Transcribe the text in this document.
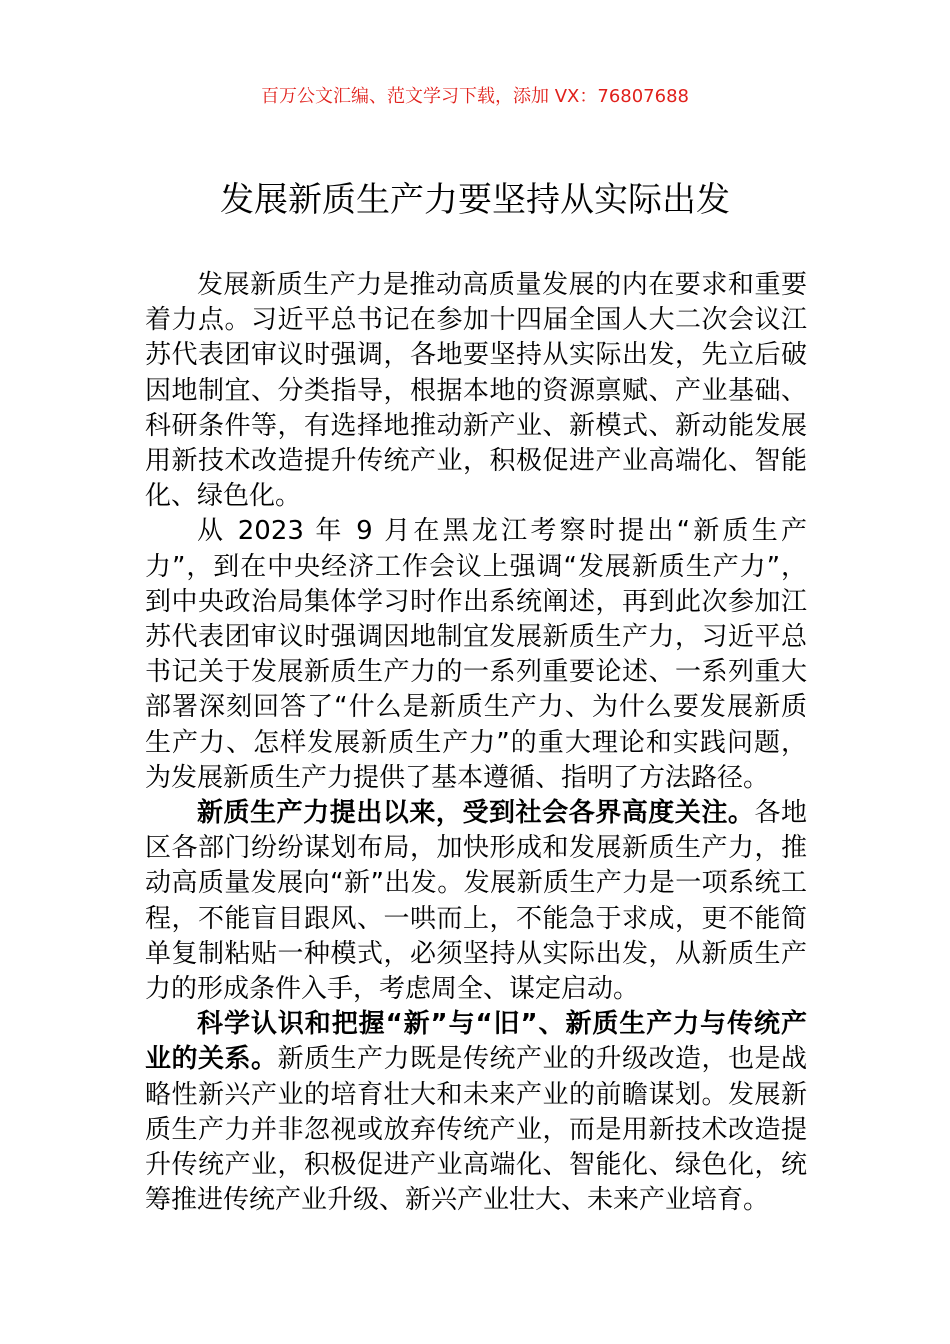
百万公文汇编、范文学习下载，添加 VX：76807688
发展新质生产力要坚持从实际出发

发展新质生产力是推动高质量发展的内在要求和重要着力点。习近平总书记在参加十四届全国人大二次会议江苏代表团审议时强调，各地要坚持从实际出发，先立后破因地制宜、分类指导，根据本地的资源禀赋、产业基础、科研条件等，有选择地推动新产业、新模式、新动能发展用新技术改造提升传统产业，积极促进产业高端化、智能化、绿色化。

从 2023 年 9 月在黑龙江考察时提出“新质生产力”，到在中央经济工作会议上强调“发展新质生产力”，到中央政治局集体学习时作出系统阐述，再到此次参加江苏代表团审议时强调因地制宜发展新质生产力，习近平总书记关于发展新质生产力的一系列重要论述、一系列重大部署深刻回答了“什么是新质生产力、为什么要发展新质生产力、怎样发展新质生产力”的重大理论和实践问题，为发展新质生产力提供了基本遵循、指明了方法路径。

新质生产力提出以来，受到社会各界高度关注。各地区各部门纷纷谋划布局，加快形成和发展新质生产力，推动高质量发展向“新”出发。发展新质生产力是一项系统工程，不能盲目跟风、一哄而上，不能急于求成，更不能简单复制粘贴一种模式，必须坚持从实际出发，从新质生产力的形成条件入手，考虑周全、谋定启动。

科学认识和把握“新”与“旧”、新质生产力与传统产业的关系。新质生产力既是传统产业的升级改造，也是战略性新兴产业的培育壮大和未来产业的前瞻谋划。发展新质生产力并非忽视或放弃传统产业，而是用新技术改造提升传统产业，积极促进产业高端化、智能化、绿色化，统筹推进传统产业升级、新兴产业壮大、未来产业培育。
